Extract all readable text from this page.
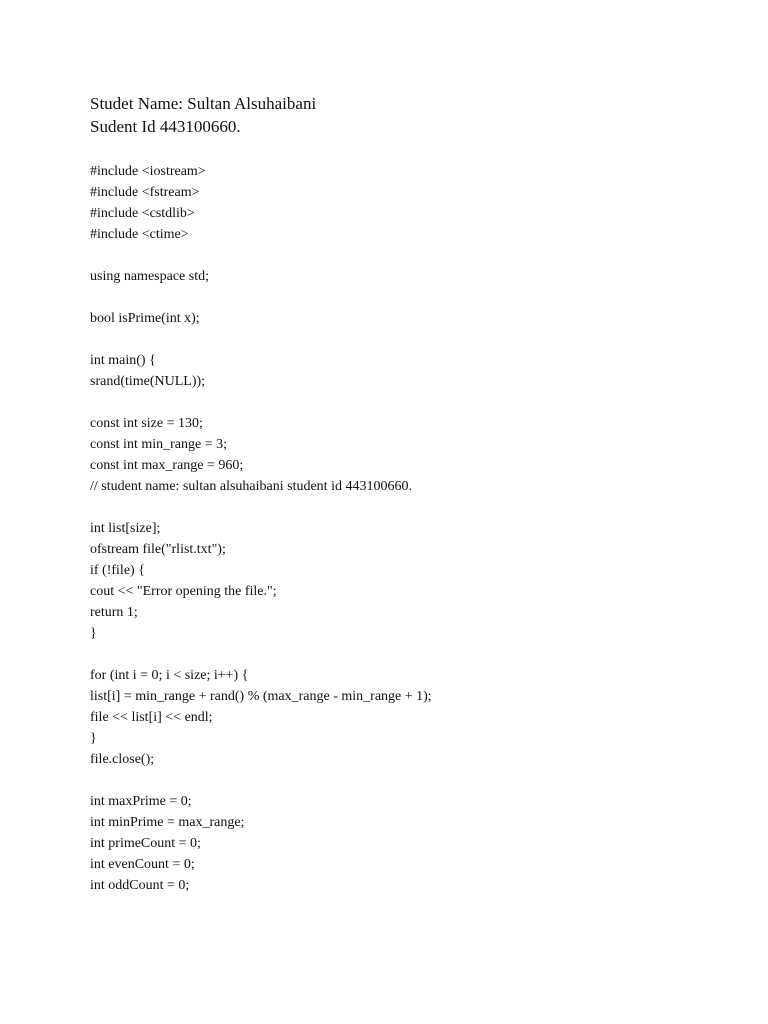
Studet Name: Sultan Alsuhaibani
Sudent Id 443100660.
#include <iostream>
#include <fstream>
#include <cstdlib>
#include <ctime>
using namespace std;
bool isPrime(int x);
int main() {
srand(time(NULL));
const int size = 130;
const int min_range = 3;
const int max_range = 960;
// student name: sultan alsuhaibani student id 443100660.
int list[size];
ofstream file("rlist.txt");
if (!file) {
cout << "Error opening the file.";
return 1;
}
for (int i = 0; i < size; i++) {
list[i] = min_range + rand() % (max_range - min_range + 1);
file << list[i] << endl;
}
file.close();
int maxPrime = 0;
int minPrime = max_range;
int primeCount = 0;
int evenCount = 0;
int oddCount = 0;
